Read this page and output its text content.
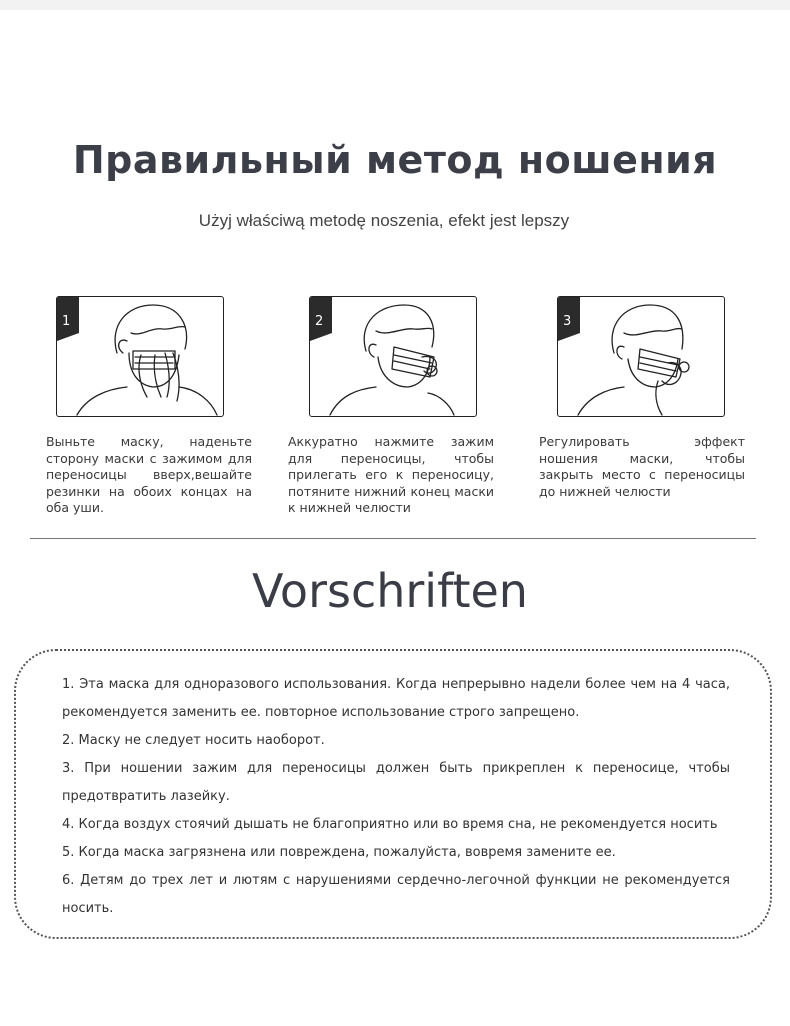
Правильный метод ношения
Użyj właściwą metodę noszenia, efekt jest lepszy
1

Выньте маску, наденьте сторону маски с зажимом для переносицы вверх,вешайте резинки на обоих концах на оба уши.

2

Аккуратно нажмите зажим для переносицы, чтобы прилегать его к переносицу, потяните нижний конец маски к нижней челюсти

3

Регулировать эффект ношения маски, чтобы закрыть место с переносицы до нижней челюсти

Vorschriften
1. Эта маска для одноразового использования. Когда непрерывно надели более чем на 4 часа, рекомендуется заменить ее. повторное использование строго запрещено.
2. Маску не следует носить наоборот.
3. При ношении зажим для переносицы должен быть прикреплен к переносице, чтобы предотвратить лазейку.
4. Когда воздух стоячий дышать не благоприятно или во время сна, не рекомендуется носить
5. Когда маска загрязнена или повреждена, пожалуйста, вовремя замените ее.
6. Детям до трех лет и лютям с нарушениями сердечно-легочной функции не рекомендуется носить.
